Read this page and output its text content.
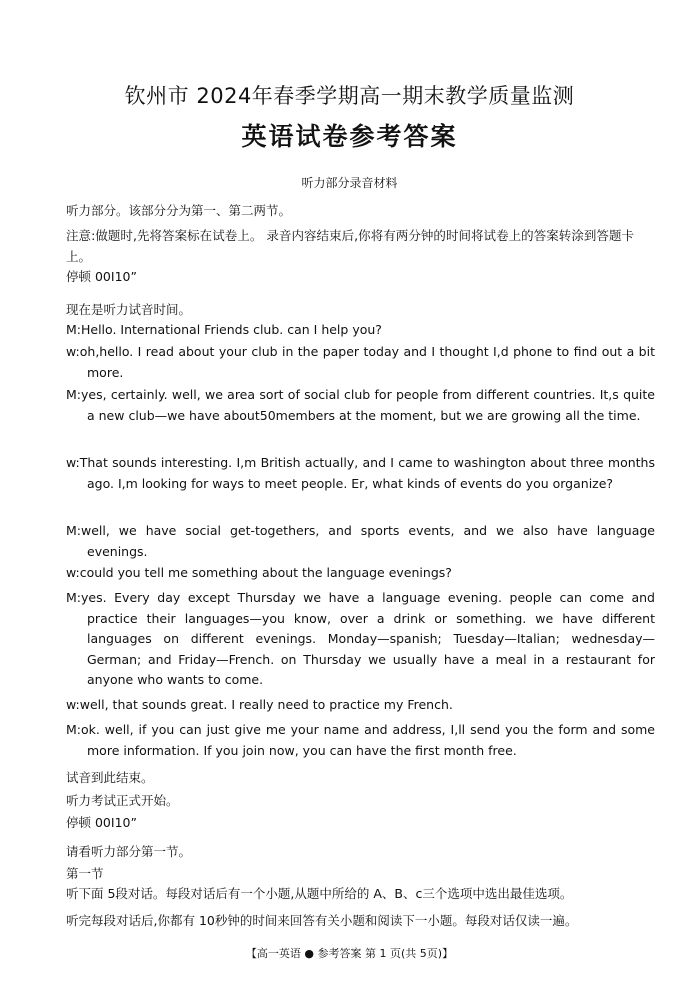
钦州市 2024年春季学期高一期末教学质量监测
英语试卷参考答案
听力部分录音材料
听力部分。该部分分为第一、第二两节。
注意:做题时,先将答案标在试卷上。 录音内容结束后,你将有两分钟的时间将试卷上的答案转涂到答题卡上。
停顿 00I10”
现在是听力试音时间。
M:Hello. International Friends club. can I help you?
w:oh,hello. I read about your club in the paper today and I thought I,d phone to find out a bit more.
M:yes, certainly. well, we area sort of social club for people from different countries. It,s quite a new club—we have about50members at the moment, but we are growing all the time.
w:That sounds interesting. I,m British actually, and I came to washington about three months ago. I,m looking for ways to meet people. Er, what kinds of events do you organize?
M:well, we have social get-togethers, and sports events, and we also have language evenings.
w:could you tell me something about the language evenings?
M:yes. Every day except Thursday we have a language evening. people can come and practice their languages—you know, over a drink or something. we have different languages on different evenings. Monday—spanish; Tuesday—Italian; wednesday—German; and Friday—French. on Thursday we usually have a meal in a restaurant for anyone who wants to come.
w:well, that sounds great. I really need to practice my French.
M:ok. well, if you can just give me your name and address, I,ll send you the form and some more information. If you join now, you can have the first month free.
试音到此结束。
听力考试正式开始。
停顿 00I10”
请看听力部分第一节。
第一节
听下面 5段对话。每段对话后有一个小题,从题中所给的 A、B、c三个选项中选出最佳选项。
听完每段对话后,你都有 10秒钟的时间来回答有关小题和阅读下一小题。每段对话仅读一遍。
【高一英语 ● 参考答案 第 1 页(共 5页)】
